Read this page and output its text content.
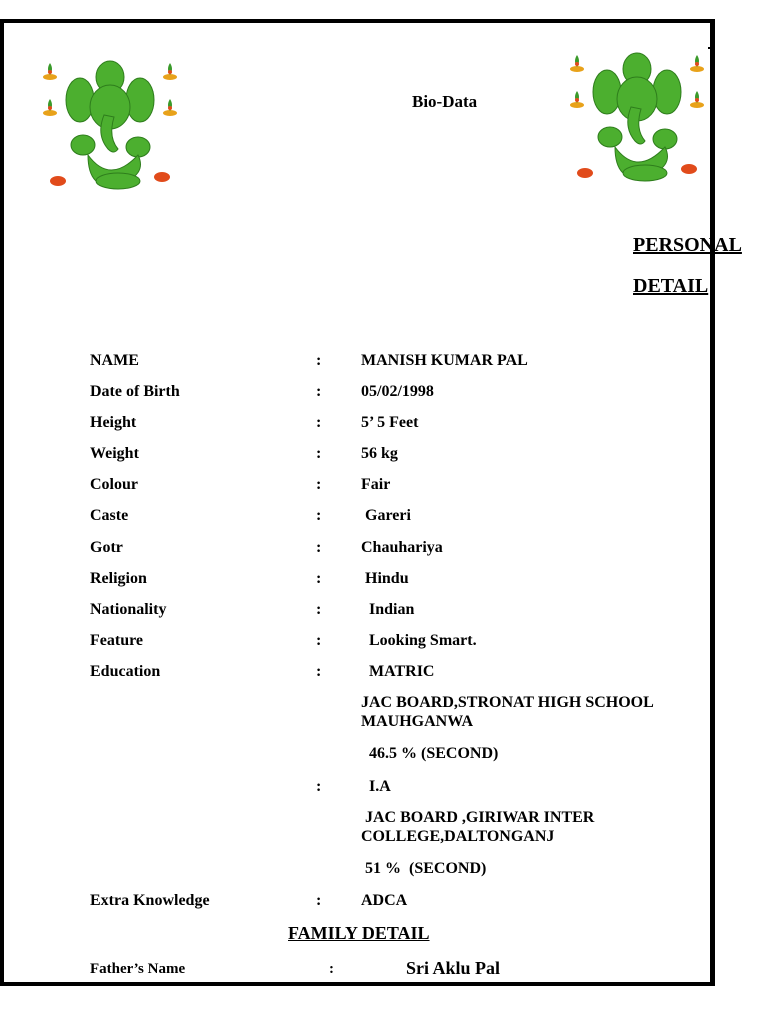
Bio-Data
PERSONAL
DETAIL
NAME	: MANISH KUMAR PAL
Date of Birth	: 05/02/1998
Height	: 5’ 5 Feet
Weight	: 56 kg
Colour	: Fair
Caste	: Gareri
Gotr	: Chauhariya
Religion	: Hindu
Nationality	: Indian
Feature	: Looking Smart.
Education	: MATRIC
JAC BOARD,STRONAT HIGH SCHOOL MAUHGANWA
46.5 % (SECOND)
: I.A
JAC BOARD ,GIRIWAR INTER COLLEGE,DALTONGANJ
51 %  (SECOND)
Extra Knowledge	: ADCA
FAMILY DETAIL
Father’s Name	:	Sri Aklu Pal
